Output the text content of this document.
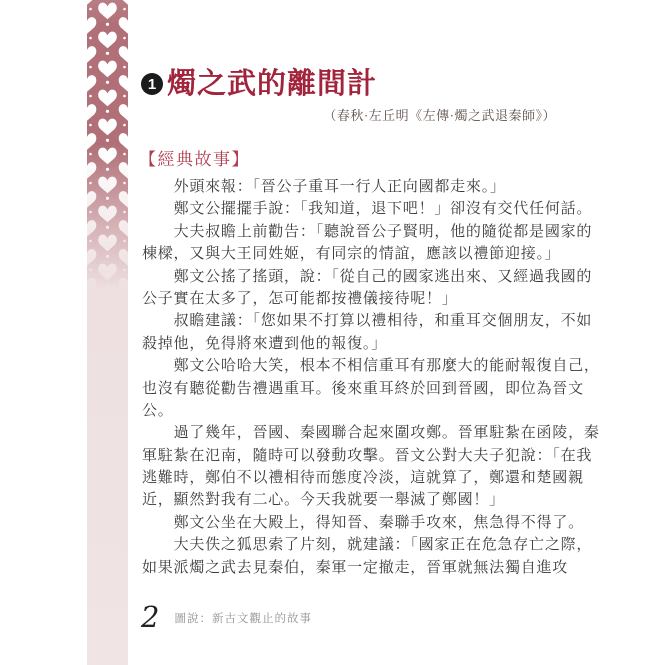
1 燭之武的離間計
（春秋·左丘明《左傳·燭之武退秦師》）
【經典故事】
外頭來報：「晉公子重耳一行人正向國都走來。」
鄭文公擺擺手說：「我知道，退下吧！」卻沒有交代任何話。
大夫叔瞻上前勸告：「聽說晉公子賢明，他的隨從都是國家的
棟樑，又與大王同姓姬，有同宗的情誼，應該以禮節迎接。」
鄭文公搖了搖頭，說：「從自己的國家逃出來、又經過我國的
公子實在太多了，怎可能都按禮儀接待呢！」
叔瞻建議：「您如果不打算以禮相待，和重耳交個朋友，不如
殺掉他，免得將來遭到他的報復。」
鄭文公哈哈大笑，根本不相信重耳有那麼大的能耐報復自己，
也沒有聽從勸告禮遇重耳。後來重耳終於回到晉國，即位為晉文
公。
過了幾年，晉國、秦國聯合起來圍攻鄭。晉軍駐紮在函陵，秦
軍駐紮在氾南，隨時可以發動攻擊。晉文公對大夫子犯說：「在我
逃難時，鄭伯不以禮相待而態度冷淡，這就算了，鄭還和楚國親
近，顯然對我有二心。今天我就要一舉滅了鄭國！」
鄭文公坐在大殿上，得知晉、秦聯手攻來，焦急得不得了。
大夫佚之狐思索了片刻，就建議：「國家正在危急存亡之際，
如果派燭之武去見秦伯，秦軍一定撤走，晉軍就無法獨自進攻
2 圖說：新古文觀止的故事
